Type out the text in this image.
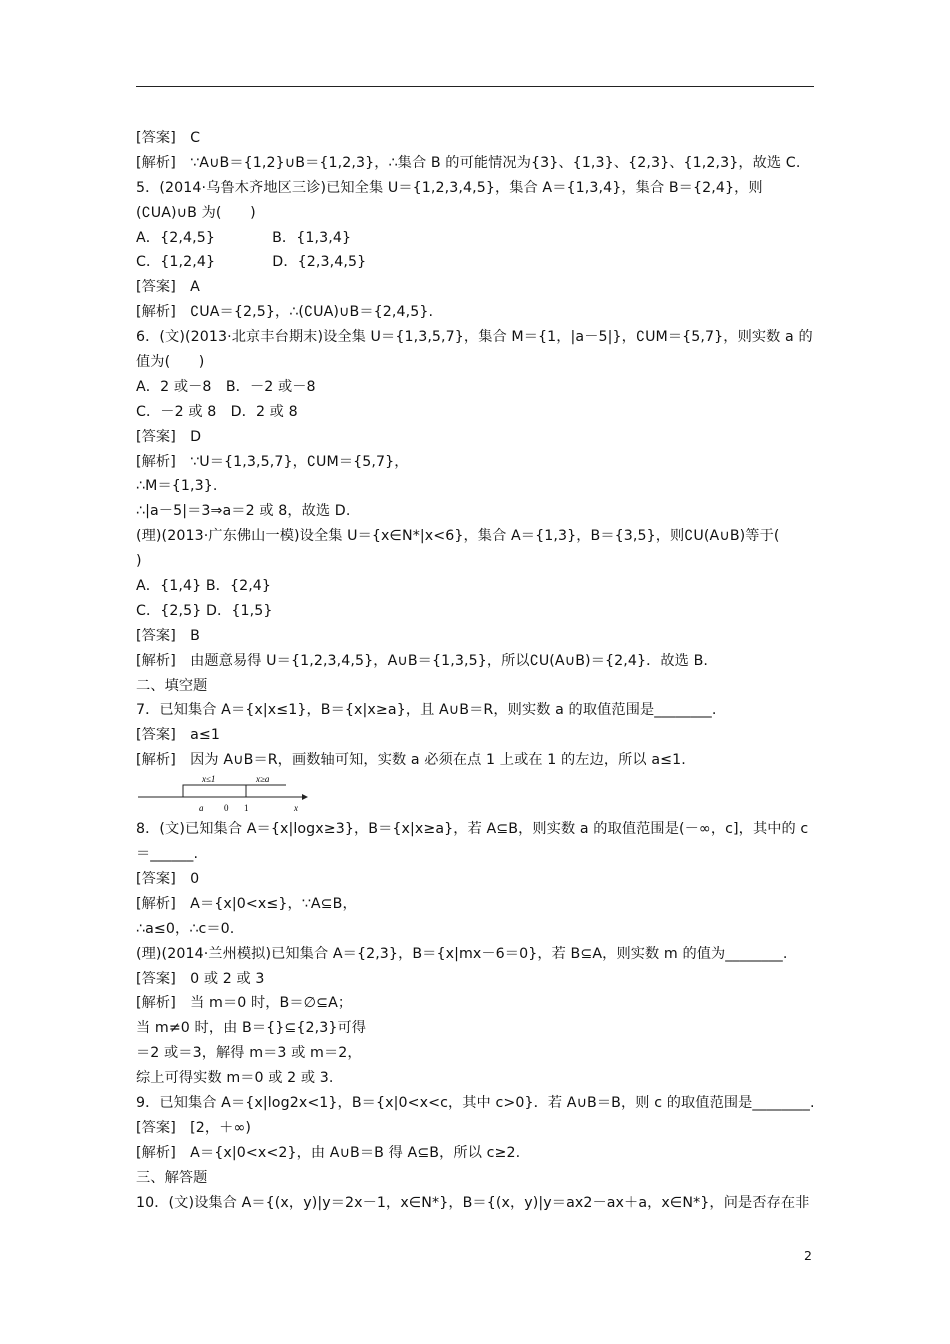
[答案]　C
[解析]　∵A∪B＝{1,2}∪B＝{1,2,3}，∴集合 B 的可能情况为{3}、{1,3}、{2,3}、{1,2,3}，故选 C.
5．(2014·乌鲁木齐地区三诊)已知全集 U＝{1,2,3,4,5}，集合 A＝{1,3,4}，集合 B＝{2,4}，则
(∁UA)∪B 为(　　)
A．{2,4,5}　　　　B．{1,3,4}
C．{1,2,4}　　　　D．{2,3,4,5}
[答案]　A
[解析]　∁UA＝{2,5}，∴(∁UA)∪B＝{2,4,5}.
6．(文)(2013·北京丰台期末)设全集 U＝{1,3,5,7}，集合 M＝{1，|a－5|}，∁UM＝{5,7}，则实数 a 的
值为(　　)
A．2 或－8　B．－2 或－8
C．－2 或 8　D．2 或 8
[答案]　D
[解析]　∵U＝{1,3,5,7}，∁UM＝{5,7}，
∴M＝{1,3}.
∴|a－5|＝3⇒a＝2 或 8，故选 D.
(理)(2013·广东佛山一模)设全集 U＝{x∈N*|x<6}，集合 A＝{1,3}，B＝{3,5}，则∁U(A∪B)等于(
)
A．{1,4} B．{2,4}
C．{2,5} D．{1,5}
[答案]　B
[解析]　由题意易得 U＝{1,2,3,4,5}，A∪B＝{1,3,5}，所以∁U(A∪B)＝{2,4}．故选 B.
二、填空题
7．已知集合 A＝{x|x≤1}，B＝{x|x≥a}，且 A∪B＝R，则实数 a 的取值范围是________.
[答案]　a≤1
[解析]　因为 A∪B＝R，画数轴可知，实数 a 必须在点 1 上或在 1 的左边，所以 a≤1.
x≤1	x≥a
a 0 1	x
8．(文)已知集合 A＝{x|logx≥3}，B＝{x|x≥a}，若 A⊆B，则实数 a 的取值范围是(－∞，c]，其中的 c
＝______.
[答案]　0
[解析]　A＝{x|0<x≤}，∵A⊆B，
∴a≤0，∴c＝0.
(理)(2014·兰州模拟)已知集合 A＝{2,3}，B＝{x|mx－6＝0}，若 B⊆A，则实数 m 的值为________.
[答案]　0 或 2 或 3
[解析]　当 m＝0 时，B＝∅⊆A；
当 m≠0 时，由 B＝{}⊆{2,3}可得
＝2 或＝3，解得 m＝3 或 m＝2，
综上可得实数 m＝0 或 2 或 3.
9．已知集合 A＝{x|log2x<1}，B＝{x|0<x<c，其中 c>0}．若 A∪B＝B，则 c 的取值范围是________.
[答案]　[2，＋∞)
[解析]　A＝{x|0<x<2}，由 A∪B＝B 得 A⊆B，所以 c≥2.
三、解答题
10．(文)设集合 A＝{(x，y)|y＝2x－1，x∈N*}，B＝{(x，y)|y＝ax2－ax＋a，x∈N*}，问是否存在非
2
